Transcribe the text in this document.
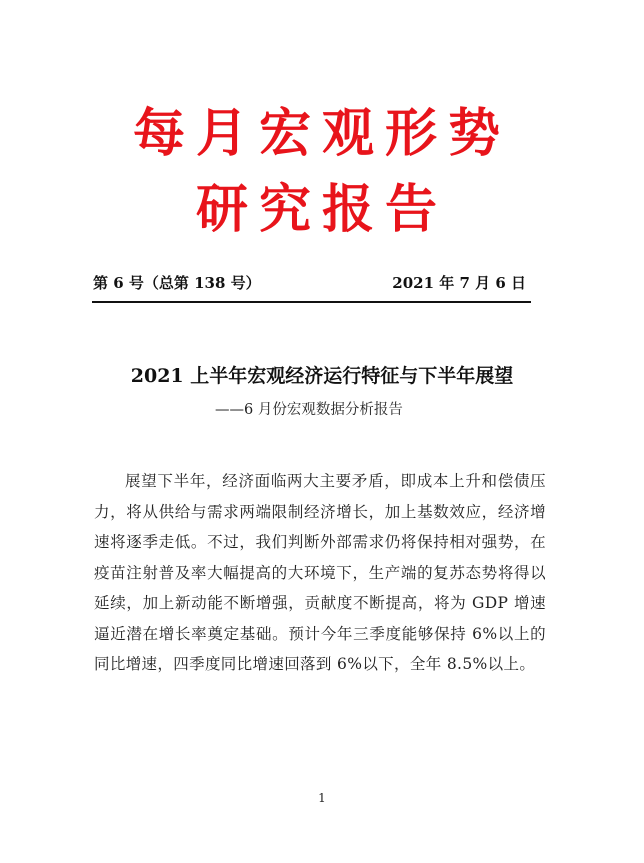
每月宏观形势
研究报告
第 6 号（总第 138 号）	2021 年 7 月 6 日
2021 上半年宏观经济运行特征与下半年展望
——6 月份宏观数据分析报告

展望下半年，经济面临两大主要矛盾，即成本上升和偿债压力，将从供给与需求两端限制经济增长，加上基数效应，经济增速将逐季走低。不过，我们判断外部需求仍将保持相对强势，在疫苗注射普及率大幅提高的大环境下，生产端的复苏态势将得以延续，加上新动能不断增强，贡献度不断提高，将为 GDP 增速逼近潜在增长率奠定基础。预计今年三季度能够保持 6%以上的同比增速，四季度同比增速回落到 6%以下，全年 8.5%以上。

1
